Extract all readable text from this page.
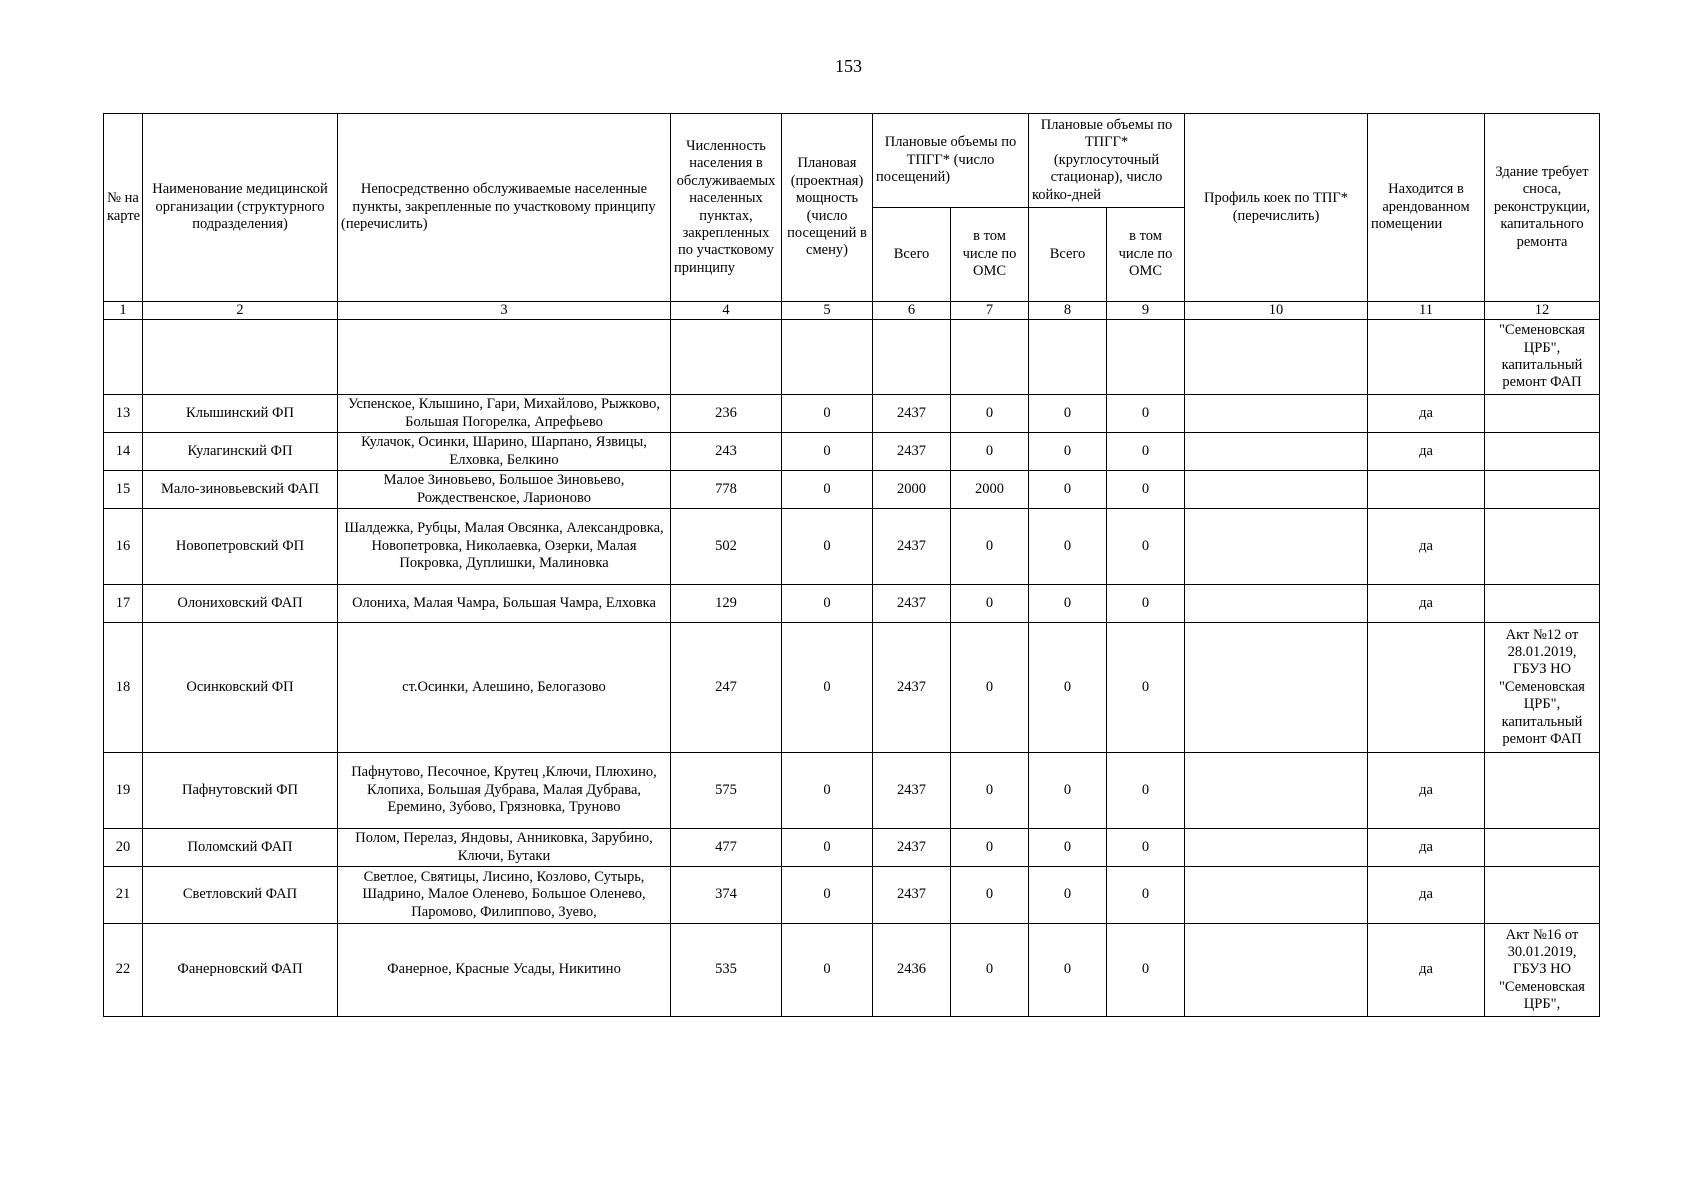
153
№ на карте	Наименование медицинской организации (структурного подразделения)	Непосредственно обслуживаемые населенные пункты, закрепленные по участковому принципу (перечислить)	Численность населения в обслуживаемых населенных пунктах, закрепленных по участковому принципу	Плановая (проектная) мощность (число посещений в смену)	Плановые объемы по ТПГГ* (число посещений)		Плановые объемы по ТПГГ* (круглосуточный стационар), число койко-дней		Профиль коек по ТПГ* (перечислить)	Находится в арендованном помещении	Здание требует сноса, реконструкции, капитального ремонта
					Всего	в том числе по ОМС	Всего	в том числе по ОМС			
1	2	3	4	5	6	7	8	9	10	11	12
											"Семеновская ЦРБ", капитальный ремонт ФАП
13	Клышинский ФП	Успенское, Клышино, Гари, Михайлово, Рыжково, Большая Погорелка, Апрефьево	236	0	2437	0	0	0		да	
14	Кулагинский ФП	Кулачок, Осинки, Шарино, Шарпано, Язвицы, Елховка, Белкино	243	0	2437	0	0	0		да	
15	Мало-зиновьевский ФАП	Малое Зиновьево, Большое Зиновьево, Рождественское, Ларионово	778	0	2000	2000	0	0			
16	Новопетровский ФП	Шалдежка, Рубцы, Малая Овсянка, Александровка, Новопетровка, Николаевка, Озерки, Малая Покровка, Дуплишки, Малиновка	502	0	2437	0	0	0		да	
17	Олониховский ФАП	Олониха, Малая Чамра, Большая Чамра, Елховка	129	0	2437	0	0	0		да	
18	Осинковский ФП	ст.Осинки, Алешино, Белогазово	247	0	2437	0	0	0			Акт №12 от 28.01.2019, ГБУЗ НО "Семеновская ЦРБ", капитальный ремонт ФАП
19	Пафнутовский ФП	Пафнутово, Песочное, Крутец ,Ключи, Плюхино, Клопиха, Большая Дубрава, Малая Дубрава, Еремино, Зубово, Грязновка, Труново	575	0	2437	0	0	0		да	
20	Поломский ФАП	Полом, Перелаз, Яндовы, Анниковка, Зарубино, Ключи, Бутаки	477	0	2437	0	0	0		да	
21	Светловский ФАП	Светлое, Святицы, Лисино, Козлово, Сутырь, Шадрино, Малое Оленево, Большое Оленево, Паромово, Филиппово, Зуево,	374	0	2437	0	0	0		да	
22	Фанерновский ФАП	Фанерное, Красные Усады, Никитино	535	0	2436	0	0	0		да	Акт №16 от 30.01.2019, ГБУЗ НО "Семеновская ЦРБ",
